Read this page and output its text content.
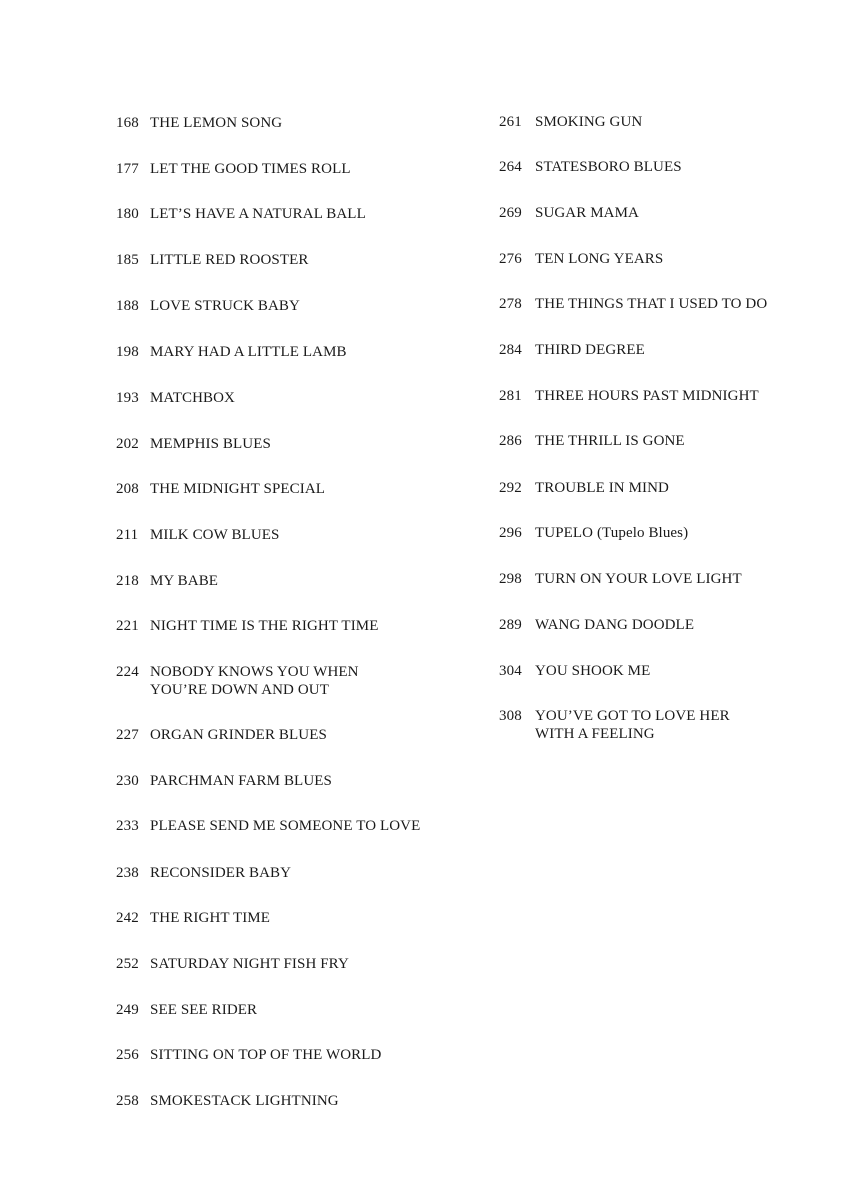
168 THE LEMON SONG
177 LET THE GOOD TIMES ROLL
180 LET’S HAVE A NATURAL BALL
185 LITTLE RED ROOSTER
188 LOVE STRUCK BABY
198 MARY HAD A LITTLE LAMB
193 MATCHBOX
202 MEMPHIS BLUES
208 THE MIDNIGHT SPECIAL
211 MILK COW BLUES
218 MY BABE
221 NIGHT TIME IS THE RIGHT TIME
224 NOBODY KNOWS YOU WHEN
YOU’RE DOWN AND OUT
227 ORGAN GRINDER BLUES
230 PARCHMAN FARM BLUES
233 PLEASE SEND ME SOMEONE TO LOVE
238 RECONSIDER BABY
242 THE RIGHT TIME
252 SATURDAY NIGHT FISH FRY
249 SEE SEE RIDER
256 SITTING ON TOP OF THE WORLD
258 SMOKESTACK LIGHTNING
261 SMOKING GUN
264 STATESBORO BLUES
269 SUGAR MAMA
276 TEN LONG YEARS
278 THE THINGS THAT I USED TO DO
284 THIRD DEGREE
281 THREE HOURS PAST MIDNIGHT
286 THE THRILL IS GONE
292 TROUBLE IN MIND
296 TUPELO (Tupelo Blues)
298 TURN ON YOUR LOVE LIGHT
289 WANG DANG DOODLE
304 YOU SHOOK ME
308 YOU’VE GOT TO LOVE HER
WITH A FEELING
